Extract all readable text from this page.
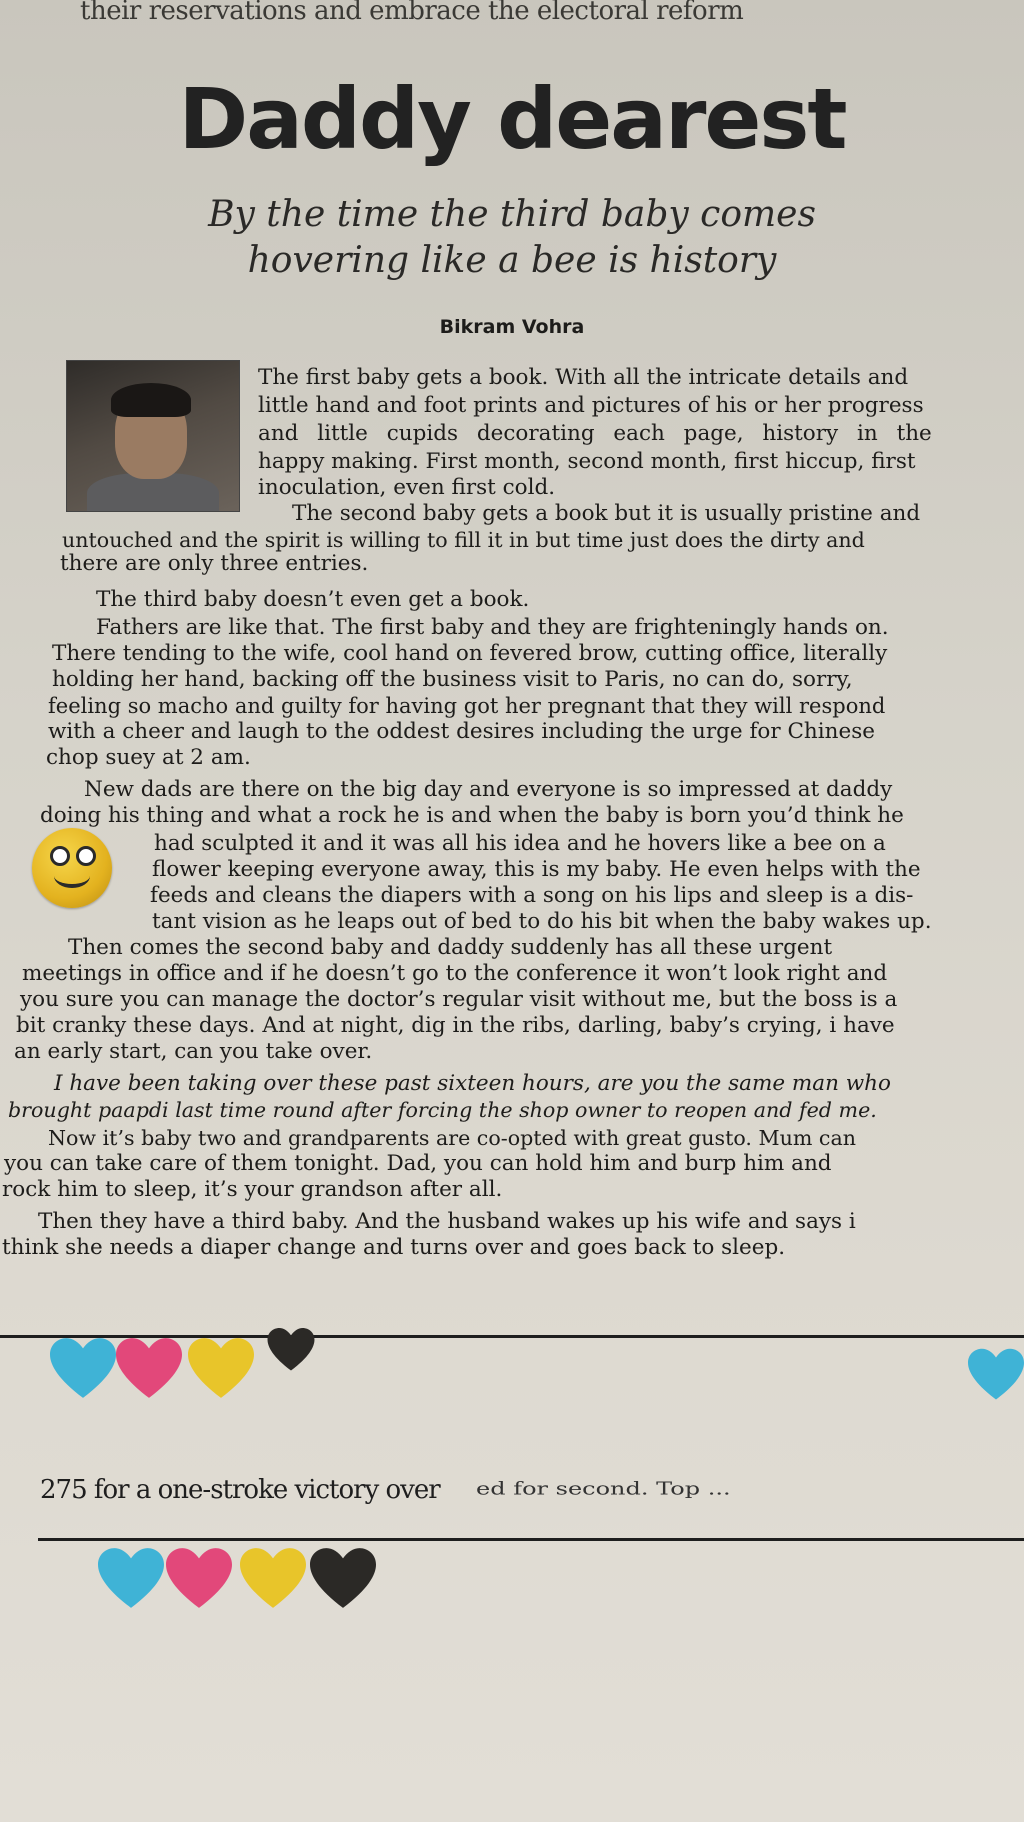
their reservations and embrace the electoral reform
Daddy dearest
By the time the third baby comes
hovering like a bee is history
Bikram Vohra
The first baby gets a book. With all the intricate details and
little hand and foot prints and pictures of his or her progress
and little cupids decorating each page, history in the
happy making. First month, second month, first hiccup, first
inoculation, even first cold.
The second baby gets a book but it is usually pristine and
untouched and the spirit is willing to fill it in but time just does the dirty and
there are only three entries.
The third baby doesn’t even get a book.
Fathers are like that. The first baby and they are frighteningly hands on.
There tending to the wife, cool hand on fevered brow, cutting office, literally
holding her hand, backing off the business visit to Paris, no can do, sorry,
feeling so macho and guilty for having got her pregnant that they will respond
with a cheer and laugh to the oddest desires including the urge for Chinese
chop suey at 2 am.
New dads are there on the big day and everyone is so impressed at daddy
doing his thing and what a rock he is and when the baby is born you’d think he
had sculpted it and it was all his idea and he hovers like a bee on a
flower keeping everyone away, this is my baby. He even helps with the
feeds and cleans the diapers with a song on his lips and sleep is a dis-
tant vision as he leaps out of bed to do his bit when the baby wakes up.
Then comes the second baby and daddy suddenly has all these urgent
meetings in office and if he doesn’t go to the conference it won’t look right and
you sure you can manage the doctor’s regular visit without me, but the boss is a
bit cranky these days. And at night, dig in the ribs, darling, baby’s crying, i have
an early start, can you take over.
I have been taking over these past sixteen hours, are you the same man who
brought paapdi last time round after forcing the shop owner to reopen and fed me.
Now it’s baby two and grandparents are co-opted with great gusto. Mum can
you can take care of them tonight. Dad, you can hold him and burp him and
rock him to sleep, it’s your grandson after all.
Then they have a third baby. And the husband wakes up his wife and says i
think she needs a diaper change and turns over and goes back to sleep.
275 for a one-stroke victory over ed for second. Top ...
